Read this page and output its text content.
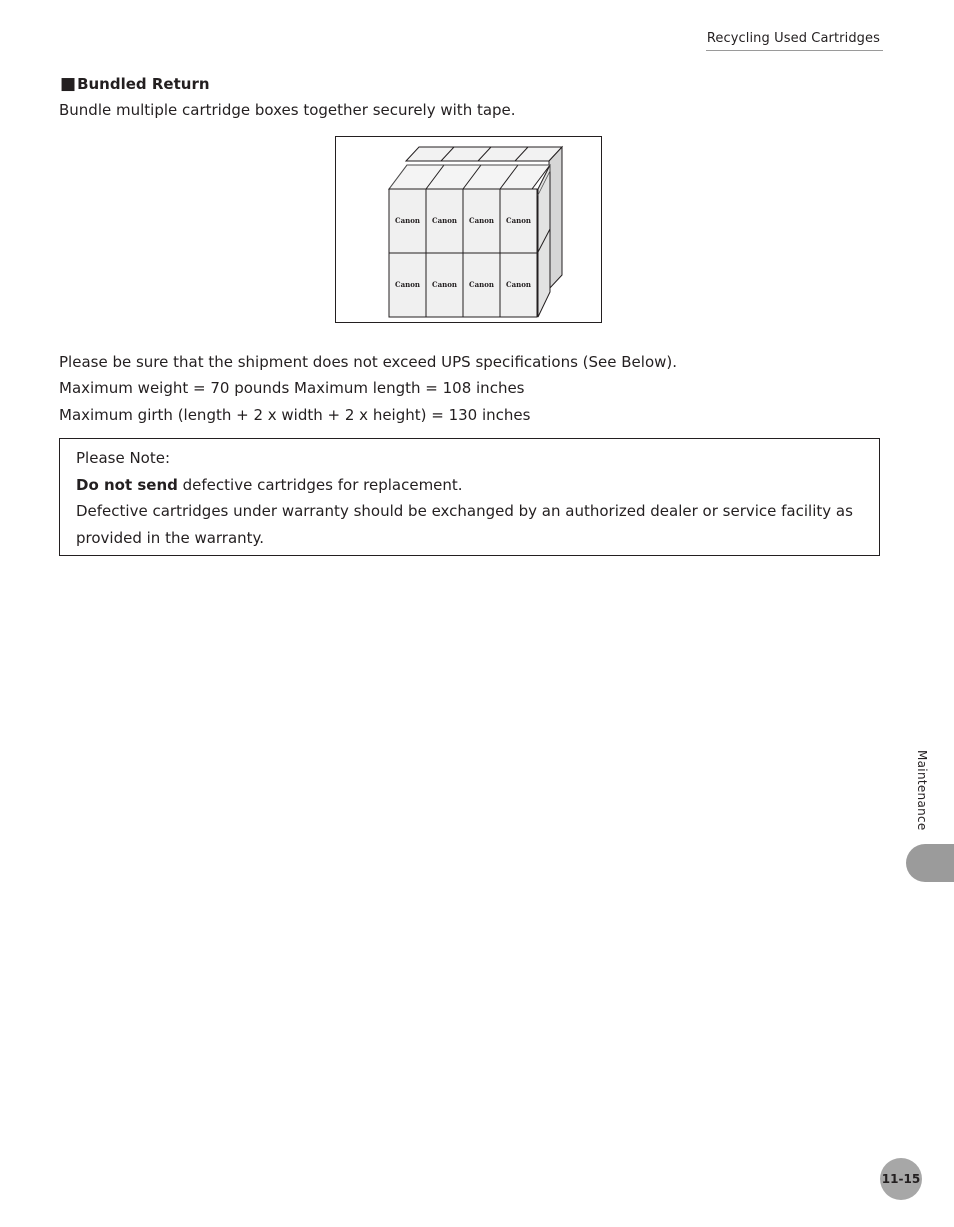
Recycling Used Cartridges
■Bundled Return
Bundle multiple cartridge boxes together securely with tape.
Canon Canon Canon Canon
Canon Canon Canon Canon
Please be sure that the shipment does not exceed UPS specifications (See Below).
Maximum weight = 70 pounds Maximum length = 108 inches
Maximum girth (length + 2 x width + 2 x height) = 130 inches
Please Note:
Do not send defective cartridges for replacement.
Defective cartridges under warranty should be exchanged by an authorized dealer or service facility as
provided in the warranty.
Maintenance
11-15
